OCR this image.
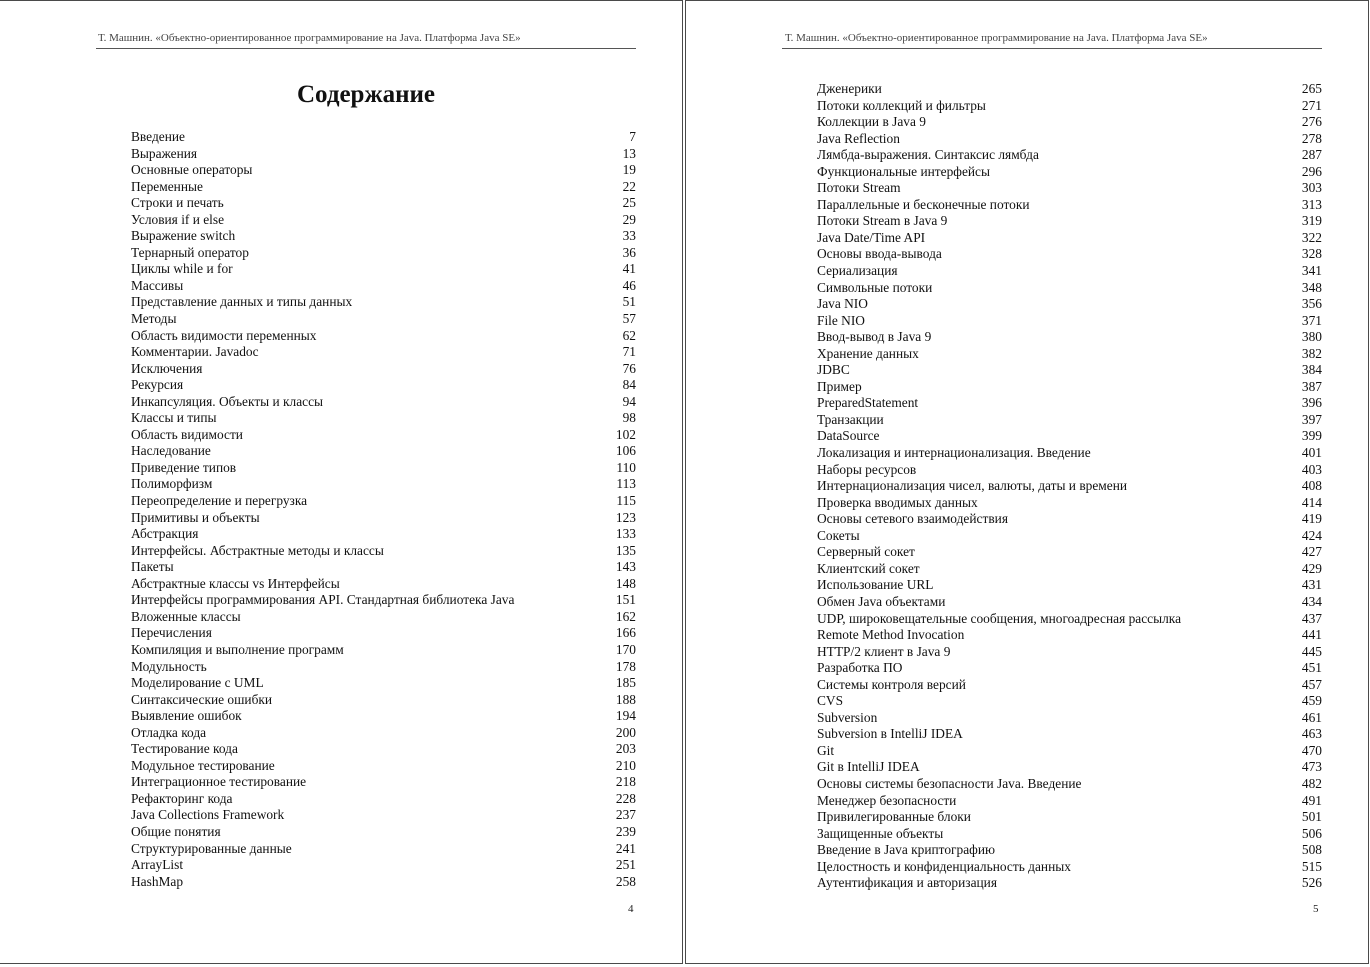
Т. Машнин. «Объектно-ориентированное программирование на Java. Платформа Java SE»
Содержание
Введение	7
Выражения	13
Основные операторы	19
Переменные	22
Строки и печать	25
Условия if и else	29
Выражение switch	33
Тернарный оператор	36
Циклы while и for	41
Массивы	46
Представление данных и типы данных	51
Методы	57
Область видимости переменных	62
Комментарии. Javadoc	71
Исключения	76
Рекурсия	84
Инкапсуляция. Объекты и классы	94
Классы и типы	98
Область видимости	102
Наследование	106
Приведение типов	110
Полиморфизм	113
Переопределение и перегрузка	115
Примитивы и объекты	123
Абстракция	133
Интерфейсы. Абстрактные методы и классы	135
Пакеты	143
Абстрактные классы vs Интерфейсы	148
Интерфейсы программирования API. Стандартная библиотека Java	151
Вложенные классы	162
Перечисления	166
Компиляция и выполнение программ	170
Модульность	178
Моделирование с UML	185
Синтаксические ошибки	188
Выявление ошибок	194
Отладка кода	200
Тестирование кода	203
Модульное тестирование	210
Интеграционное тестирование	218
Рефакторинг кода	228
Java Collections Framework	237
Общие понятия	239
Структурированные данные	241
ArrayList	251
HashMap	258
4
Т. Машнин. «Объектно-ориентированное программирование на Java. Платформа Java SE»
Дженерики	265
Потоки коллекций и фильтры	271
Коллекции в Java 9	276
Java Reflection	278
Лямбда-выражения. Синтаксис лямбда	287
Функциональные интерфейсы	296
Потоки Stream	303
Параллельные и бесконечные потоки	313
Потоки Stream в Java 9	319
Java Date/Time API	322
Основы ввода-вывода	328
Сериализация	341
Символьные потоки	348
Java NIO	356
File NIO	371
Ввод-вывод в Java 9	380
Хранение данных	382
JDBC	384
Пример	387
PreparedStatement	396
Транзакции	397
DataSource	399
Локализация и интернационализация. Введение	401
Наборы ресурсов	403
Интернационализация чисел, валюты, даты и времени	408
Проверка вводимых данных	414
Основы сетевого взаимодействия	419
Сокеты	424
Серверный сокет	427
Клиентский сокет	429
Использование URL	431
Обмен Java объектами	434
UDP, широковещательные сообщения, многоадресная рассылка	437
Remote Method Invocation	441
HTTP/2 клиент в Java 9	445
Разработка ПО	451
Системы контроля версий	457
CVS	459
Subversion	461
Subversion в IntelliJ IDEA	463
Git	470
Git в IntelliJ IDEA	473
Основы системы безопасности Java. Введение	482
Менеджер безопасности	491
Привилегированные блоки	501
Защищенные объекты	506
Введение в Java криптографию	508
Целостность и конфиденциальность данных	515
Аутентификация и авторизация	526
5
